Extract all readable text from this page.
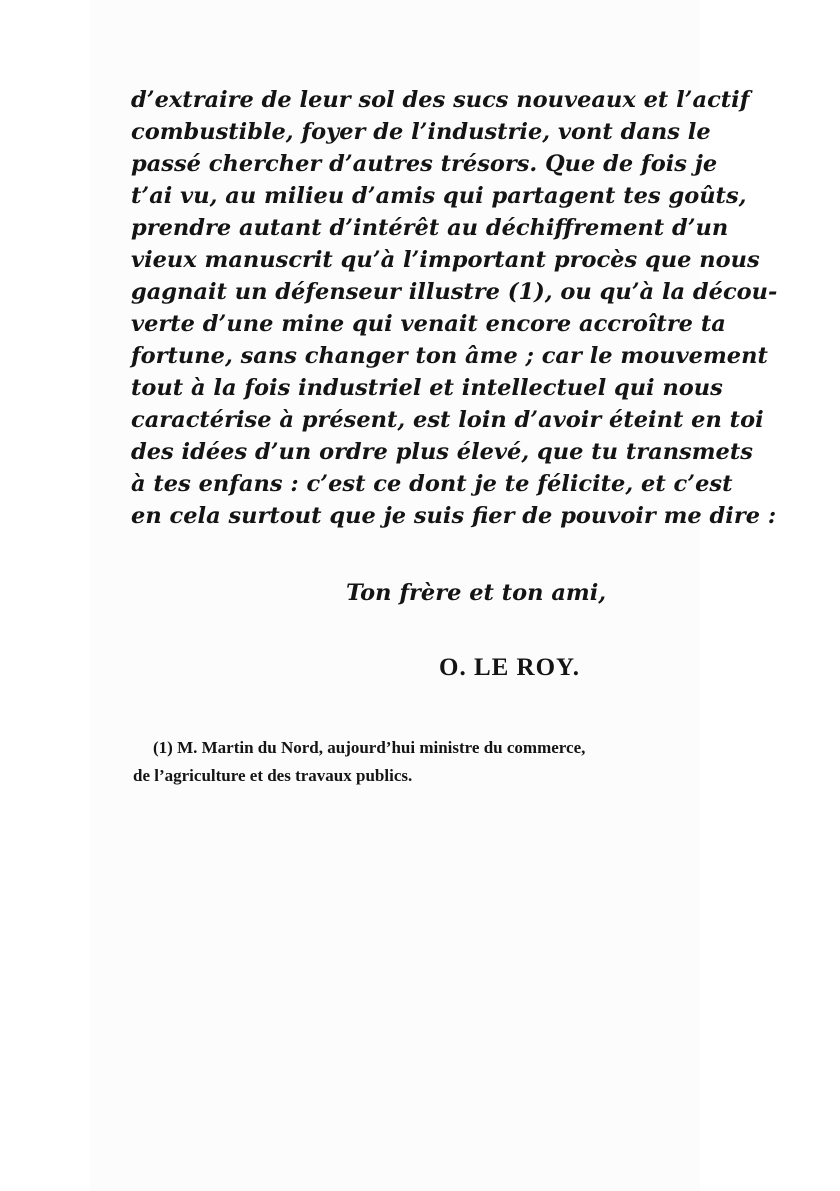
d’extraire de leur sol des sucs nouveaux et l’actif
combustible, foyer de l’industrie, vont dans le
passé chercher d’autres trésors. Que de fois je
t’ai vu, au milieu d’amis qui partagent tes goûts,
prendre autant d’intérêt au déchiffrement d’un
vieux manuscrit qu’à l’important procès que nous
gagnait un défenseur illustre (1), ou qu’à la décou-
verte d’une mine qui venait encore accroître ta
fortune, sans changer ton âme ; car le mouvement
tout à la fois industriel et intellectuel qui nous
caractérise à présent, est loin d’avoir éteint en toi
des idées d’un ordre plus élevé, que tu transmets
à tes enfans : c’est ce dont je te félicite, et c’est
en cela surtout que je suis fier de pouvoir me dire :

Ton frère et ton ami,

O. LE ROY.

(1) M. Martin du Nord, aujourd’hui ministre du commerce,
de l’agriculture et des travaux publics.
